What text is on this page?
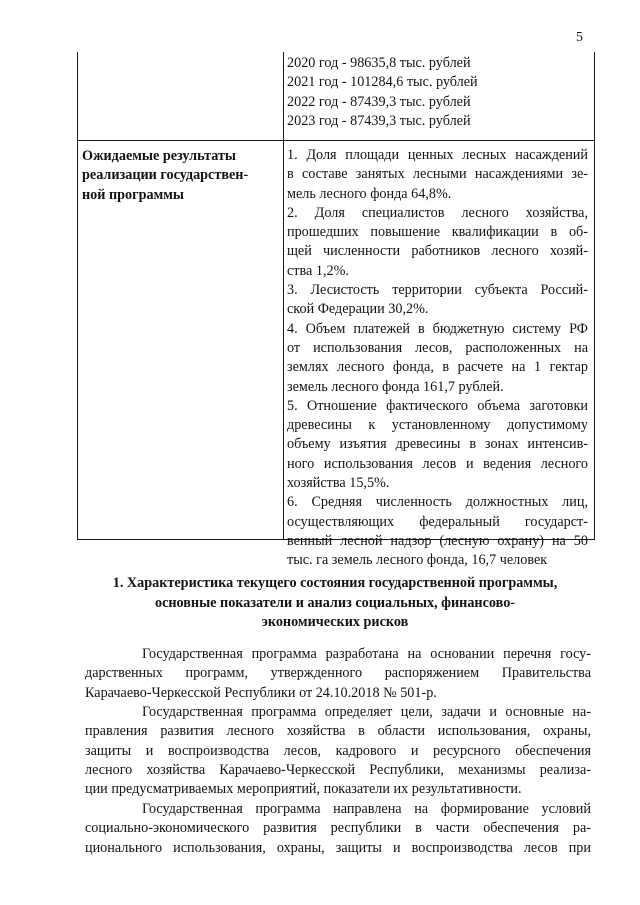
5
2020 год - 98635,8 тыс. рублей
2021 год - 101284,6 тыс. рублей
2022 год - 87439,3 тыс. рублей
2023 год - 87439,3 тыс. рублей
Ожидаемые результаты
реализации государствен-
ной программы
1. Доля площади ценных лесных насаждений
в составе занятых лесными насаждениями зе-
мель лесного фонда 64,8%.
2. Доля специалистов лесного хозяйства,
прошедших повышение квалификации в об-
щей численности работников лесного хозяй-
ства 1,2%.
3. Лесистость территории субъекта Россий-
ской Федерации 30,2%.
4. Объем платежей в бюджетную систему РФ
от использования лесов, расположенных на
землях лесного фонда, в расчете на 1 гектар
земель лесного фонда 161,7 рублей.
5. Отношение фактического объема заготовки
древесины к установленному допустимому
объему изъятия древесины в зонах интенсив-
ного использования лесов и ведения лесного
хозяйства 15,5%.
6. Средняя численность должностных лиц,
осуществляющих федеральный государст-
венный лесной надзор (лесную охрану) на 50
тыс. га земель лесного фонда, 16,7 человек
1. Характеристика текущего состояния государственной программы,
основные показатели и анализ социальных, финансово-
экономических рисков
Государственная программа разработана на основании перечня госу-
дарственных программ, утвержденного распоряжением Правительства
Карачаево-Черкесской Республики от 24.10.2018 № 501-р.
Государственная программа определяет цели, задачи и основные на-
правления развития лесного хозяйства в области использования, охраны,
защиты и воспроизводства лесов, кадрового и ресурсного обеспечения
лесного хозяйства Карачаево-Черкесской Республики, механизмы реализа-
ции предусматриваемых мероприятий, показатели их результативности.
Государственная программа направлена на формирование условий
социально-экономического развития республики в части обеспечения ра-
ционального использования, охраны, защиты и воспроизводства лесов при
